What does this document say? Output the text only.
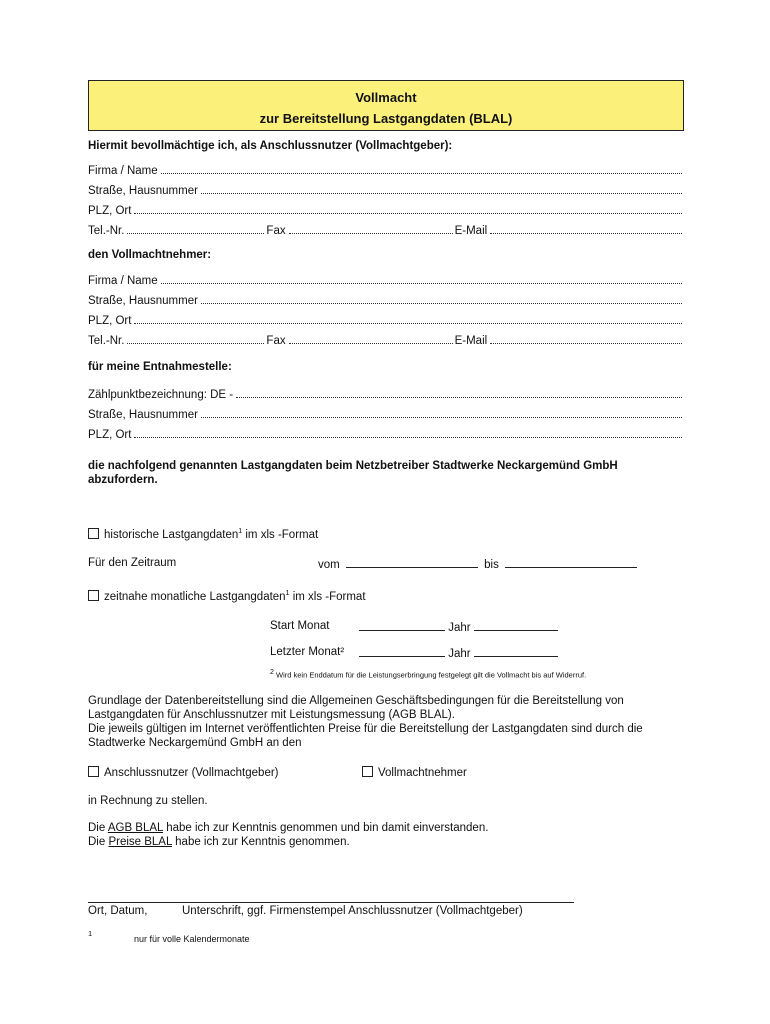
Vollmacht
zur Bereitstellung Lastgangdaten (BLAL)
Hiermit bevollmächtige ich, als Anschlussnutzer (Vollmachtgeber):
Firma / Name
Straße, Hausnummer
PLZ, Ort
Tel.-Nr.	Fax	E-Mail
den Vollmachtnehmer:
Firma / Name
Straße, Hausnummer
PLZ, Ort
Tel.-Nr.	Fax	E-Mail
für meine Entnahmestelle:
Zählpunktbezeichnung: DE -
Straße, Hausnummer
PLZ, Ort
die nachfolgend genannten Lastgangdaten beim Netzbetreiber Stadtwerke Neckargemünd GmbH abzufordern.
historische Lastgangdaten$^1$ im xls -Format
Für den Zeitraum	vom	bis
zeitnahe monatliche Lastgangdaten$^1$ im xls -Format
Start Monat	Jahr
Letzter Monat²	Jahr
$^2$ Wird kein Enddatum für die Leistungserbringung festgelegt gilt die Vollmacht bis auf Widerruf.
Grundlage der Datenbereitstellung sind die Allgemeinen Geschäftsbedingungen für die Bereitstellung von Lastgangdaten für Anschlussnutzer mit Leistungsmessung (AGB BLAL).
Die jeweils gültigen im Internet veröffentlichten Preise für die Bereitstellung der Lastgangdaten sind durch die Stadtwerke Neckargemünd GmbH an den
Anschlussnutzer (Vollmachtgeber)	Vollmachtnehmer
in Rechnung zu stellen.
Die AGB BLAL habe ich zur Kenntnis genommen und bin damit einverstanden.
Die Preise BLAL habe ich zur Kenntnis genommen.
Ort, Datum,	Unterschrift, ggf. Firmenstempel Anschlussnutzer (Vollmachtgeber)
1
nur für volle Kalendermonate
